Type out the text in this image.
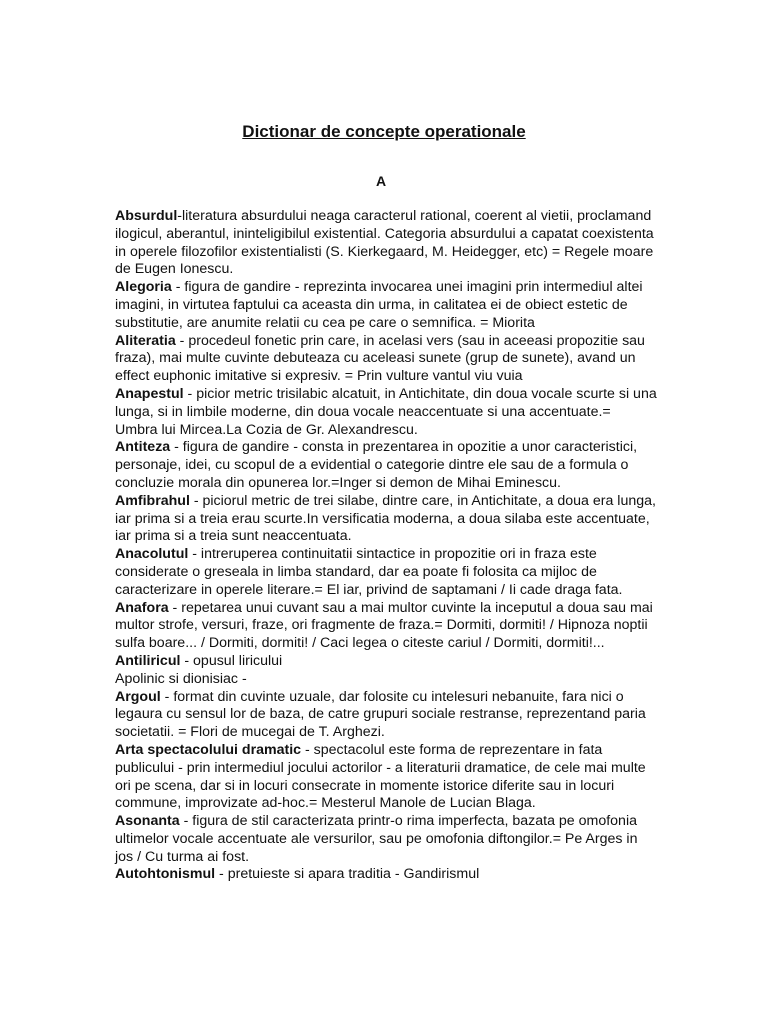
Dictionar de concepte operationale
A

Absurdul-literatura absurdului neaga caracterul rational, coerent al vietii, proclamand ilogicul, aberantul, ininteligibilul existential. Categoria absurdului a capatat coexistenta in operele filozofilor existentialisti (S. Kierkegaard, M. Heidegger, etc) = Regele moare de Eugen Ionescu.

Alegoria - figura de gandire - reprezinta invocarea unei imagini prin intermediul altei imagini, in virtutea faptului ca aceasta din urma, in calitatea ei de obiect estetic de substitutie, are anumite relatii cu cea pe care o semnifica. = Miorita

Aliteratia - procedeul fonetic prin care, in acelasi vers (sau in aceeasi propozitie sau fraza), mai multe cuvinte debuteaza cu aceleasi sunete (grup de sunete), avand un effect euphonic imitative si expresiv. = Prin vulturе vantul viu vuia

Anapestul - picior metric trisilabic alcatuit, in Antichitate, din doua vocale scurte si una lunga, si in limbile moderne, din doua vocale neaccentuate si una accentuate.= Umbra lui Mircea.La Cozia de Gr. Alexandrescu.

Antiteza - figura de gandire - consta in prezentarea in opozitie a unor caracteristici, personaje, idei, cu scopul de a evidential o categorie dintre ele sau de a formula o concluzie morala din opunerea lor.=Inger si demon de Mihai Eminescu.

Amfibrahul - piciorul metric de trei silabe, dintre care, in Antichitate, a doua era lunga, iar prima si a treia erau scurte.In versificatia moderna, a doua silaba este accentuate, iar prima si a treia sunt neaccentuata.

Anacolutul - intreruperea continuitatii sintactice in propozitie ori in fraza este considerate o greseala in limba standard, dar ea poate fi folosita ca mijloc de caracterizare in operele literare.= El iar, privind de saptamani / Ii cade draga fata.

Anafora - repetarea unui cuvant sau a mai multor cuvinte la inceputul a doua sau mai multor strofe, versuri, fraze, ori fragmente de fraza.= Dormiti, dormiti! / Hipnoza noptii sulfa boare... / Dormiti, dormiti! / Caci legea o citeste cariul / Dormiti, dormiti!...

Antiliricul - opusul liricului

Apolinic si dionisiac -

Argoul - format din cuvinte uzuale, dar folosite cu intelesuri nebanuite, fara nici o legaura cu sensul lor de baza, de catre grupuri sociale restranse, reprezentand paria societatii. = Flori de mucegai de T. Arghezi.

Arta spectacolului dramatic - spectacolul este forma de reprezentare in fata publicului - prin intermediul jocului actorilor - a literaturii dramatice, de cele mai multe ori pe scena, dar si in locuri consecrate in momente istorice diferite sau in locuri commune, improvizate ad-hoc.= Mesterul Manole de Lucian Blaga.

Asonanta - figura de stil caracterizata printr-o rima imperfecta, bazata pe omofonia ultimelor vocale accentuate ale versurilor, sau pe omofonia diftongilor.= Pe Arges in jos / Cu turma ai fost.

Autohtonismul - pretuieste si apara traditia - Gandirismul
